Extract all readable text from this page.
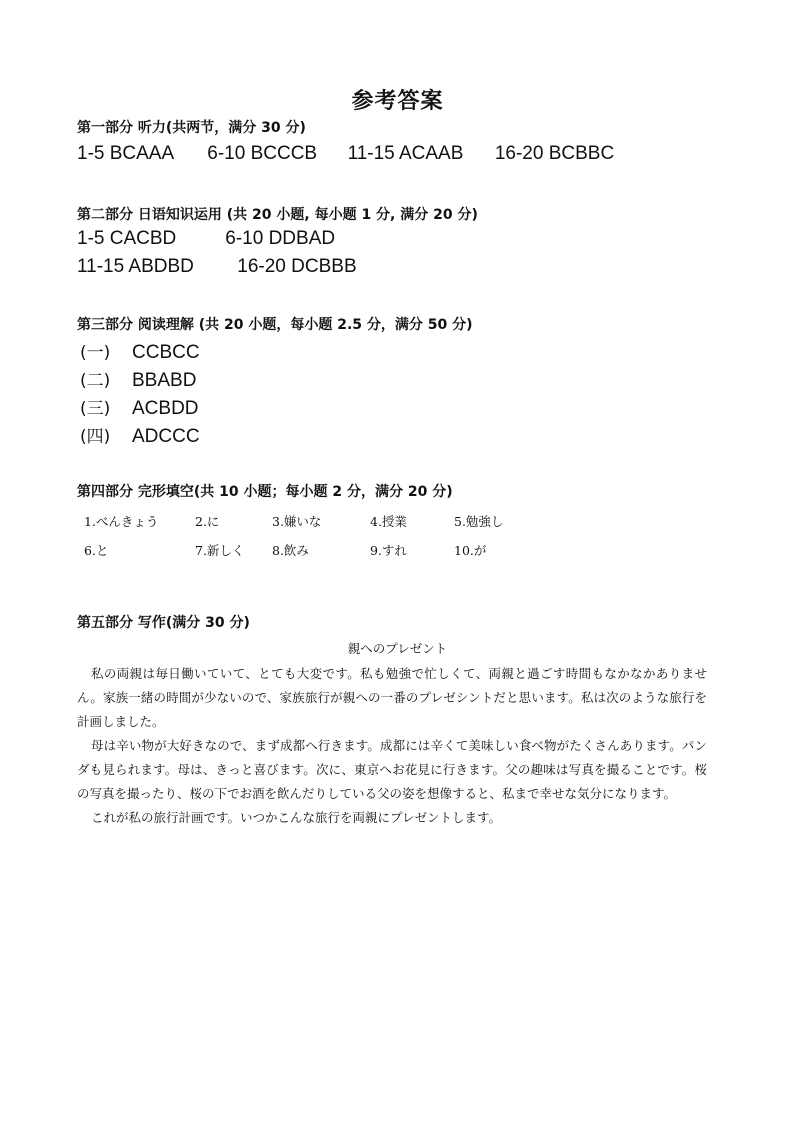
参考答案
第一部分 听力(共两节，满分 30 分)
1-5 BCAAA 6-10 BCCCB 11-15 ACAAB 16-20 BCBBC
第二部分 日语知识运用 (共 20 小题, 每小题 1 分, 满分 20 分)
1-5 CACBD	6-10 DDBAD
11-15 ABDBD 16-20 DCBBB
第三部分 阅读理解 (共 20 小题，每小题 2.5 分，满分 50 分)
(一) CCBCC
(二) BBABD
(三) ACBDD
(四) ADCCC
第四部分 完形填空(共 10 小题；每小题 2 分，满分 20 分)
1.べんきょう	2.に	3.嫌いな	4.授業	5.勉強し
6.と	7.新しく 8.飲み	9.すれ	10.が
第五部分 写作(满分 30 分)
親へのプレゼント

私の両親は毎日働いていて、とても大変です。私も勉強で忙しくて、両親と過ごす時間もなかなかありません。家族一緒の時間が少ないので、家族旅行が親への一番のプレゼシントだと思います。私は次のような旅行を計画しました。

母は辛い物が大好きなので、まず成都へ行きます。成都には辛くて美味しい食べ物がたくさんあります。パンダも見られます。母は、きっと喜びます。次に、東京へお花見に行きます。父の趣味は写真を撮ることです。桜の写真を撮ったり、桜の下でお酒を飲んだりしている父の姿を想像すると、私まで幸せな気分になります。

これが私の旅行計画です。いつかこんな旅行を両親にプレゼントします。
